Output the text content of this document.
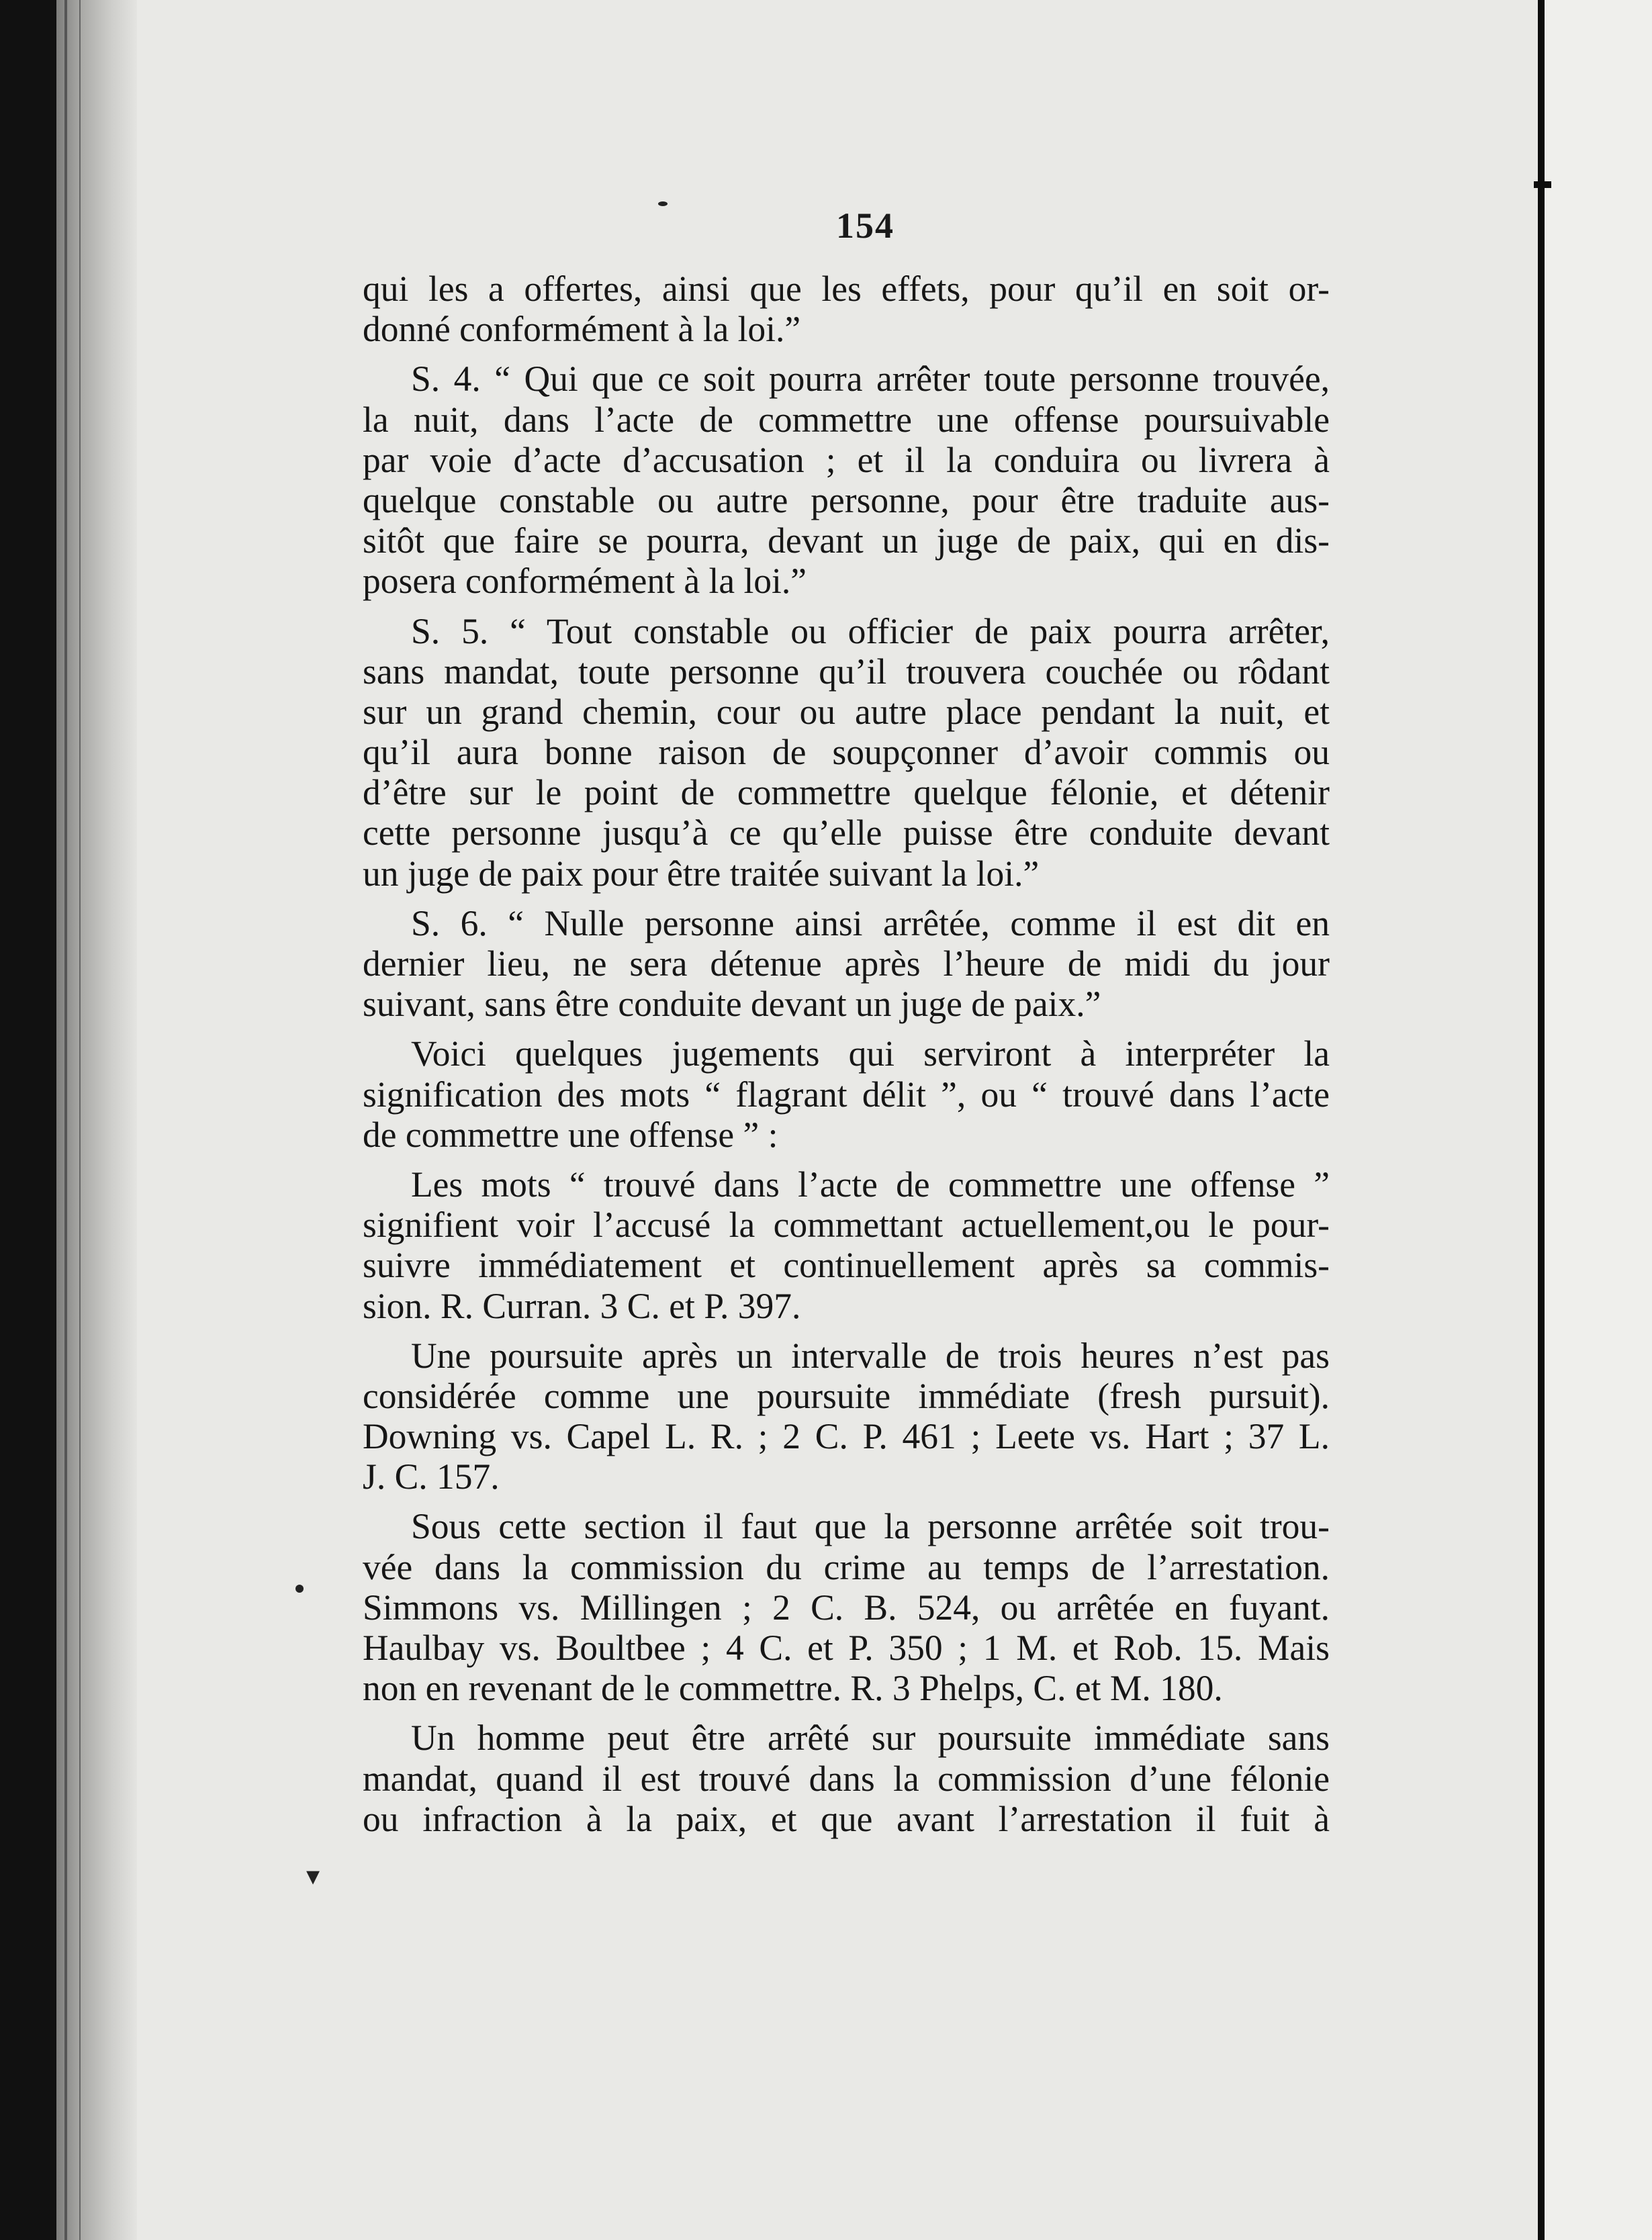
▾
154
qui les a offertes, ainsi que les effets, pour qu’il en soit or-
donné conformément à la loi.”
S. 4. “ Qui que ce soit pourra arrêter toute personne trouvée,
la nuit, dans l’acte de commettre une offense poursuivable
par voie d’acte d’accusation ; et il la conduira ou livrera à
quelque constable ou autre personne, pour être traduite aus-
sitôt que faire se pourra, devant un juge de paix, qui en dis-
posera conformément à la loi.”
S. 5. “ Tout constable ou officier de paix pourra arrêter,
sans mandat, toute personne qu’il trouvera couchée ou rôdant
sur un grand chemin, cour ou autre place pendant la nuit, et
qu’il aura bonne raison de soupçonner d’avoir commis ou
d’être sur le point de commettre quelque félonie, et détenir
cette personne jusqu’à ce qu’elle puisse être conduite devant
un juge de paix pour être traitée suivant la loi.”
S. 6. “ Nulle personne ainsi arrêtée, comme il est dit en
dernier lieu, ne sera détenue après l’heure de midi du jour
suivant, sans être conduite devant un juge de paix.”
Voici quelques jugements qui serviront à interpréter la
signification des mots “ flagrant délit ”, ou “ trouvé dans l’acte
de commettre une offense ” :
Les mots “ trouvé dans l’acte de commettre une offense ”
signifient voir l’accusé la commettant actuellement,ou le pour-
suivre immédiatement et continuellement après sa commis-
sion. R. Curran. 3 C. et P. 397.
Une poursuite après un intervalle de trois heures n’est pas
considérée comme une poursuite immédiate (fresh pursuit).
Downing vs. Capel L. R. ; 2 C. P. 461 ; Leete vs. Hart ; 37 L.
J. C. 157.
Sous cette section il faut que la personne arrêtée soit trou-
vée dans la commission du crime au temps de l’arrestation.
Simmons vs. Millingen ; 2 C. B. 524, ou arrêtée en fuyant.
Haulbay vs. Boultbee ; 4 C. et P. 350 ; 1 M. et Rob. 15. Mais
non en revenant de le commettre. R. 3 Phelps, C. et M. 180.
Un homme peut être arrêté sur poursuite immédiate sans
mandat, quand il est trouvé dans la commission d’une félonie
ou infraction à la paix, et que avant l’arrestation il fuit à
